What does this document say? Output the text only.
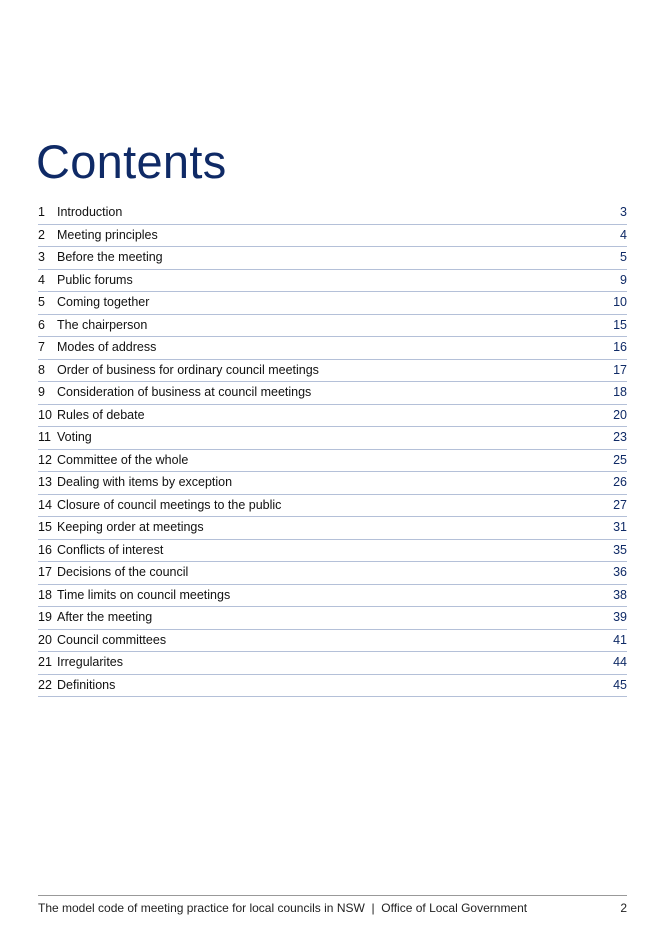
Contents
1 Introduction	3
2 Meeting principles	4
3 Before the meeting	5
4 Public forums	9
5 Coming together	10
6 The chairperson	15
7 Modes of address	16
8 Order of business for ordinary council meetings	17
9 Consideration of business at council meetings	18
10 Rules of debate	20
11 Voting	23
12 Committee of the whole	25
13 Dealing with items by exception	26
14 Closure of council meetings to the public	27
15 Keeping order at meetings	31
16 Conflicts of interest	35
17 Decisions of the council	36
18 Time limits on council meetings	38
19 After the meeting	39
20 Council committees	41
21 Irregularites	44
22 Definitions	45
The model code of meeting practice for local councils in NSW  |  Office of Local Government	2
